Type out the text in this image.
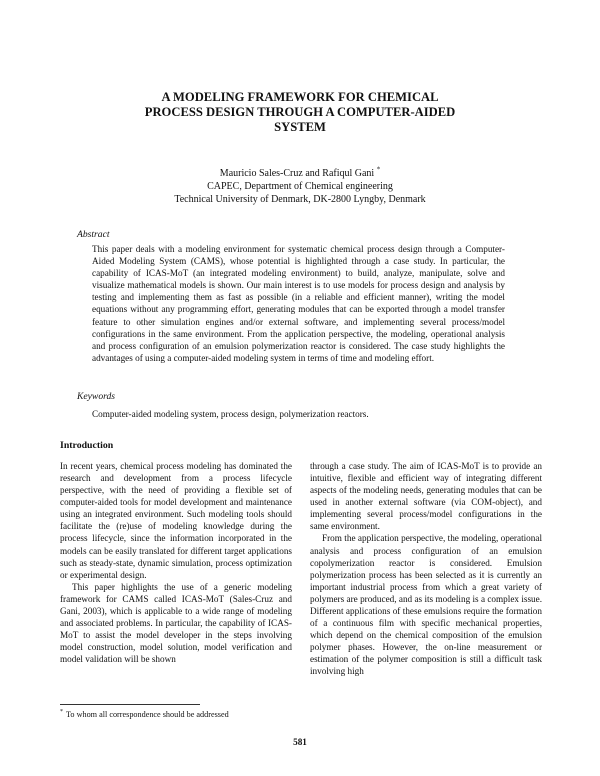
A MODELING FRAMEWORK FOR CHEMICAL
PROCESS DESIGN THROUGH A COMPUTER-AIDED
SYSTEM
Mauricio Sales-Cruz and Rafiqul Gani *
CAPEC, Department of Chemical engineering
Technical University of Denmark, DK-2800 Lyngby, Denmark
Abstract
This paper deals with a modeling environment for systematic chemical process design through a Computer-Aided Modeling System (CAMS), whose potential is highlighted through a case study. In particular, the capability of ICAS-MoT (an integrated modeling environment) to build, analyze, manipulate, solve and visualize mathematical models is shown. Our main interest is to use models for process design and analysis by testing and implementing them as fast as possible (in a reliable and efficient manner), writing the model equations without any programming effort, generating modules that can be exported through a model transfer feature to other simulation engines and/or external software, and implementing several process/model configurations in the same environment. From the application perspective, the modeling, operational analysis and process configuration of an emulsion polymerization reactor is considered. The case study highlights the advantages of using a computer-aided modeling system in terms of time and modeling effort.
Keywords
Computer-aided modeling system, process design, polymerization reactors.
Introduction

In recent years, chemical process modeling has dominated the research and development from a process lifecycle perspective, with the need of providing a flexible set of computer-aided tools for model development and maintenance using an integrated environment. Such modeling tools should facilitate the (re)use of modeling knowledge during the process lifecycle, since the information incorporated in the models can be easily translated for different target applications such as steady-state, dynamic simulation, process optimization or experimental design.

This paper highlights the use of a generic modeling framework for CAMS called ICAS-MoT (Sales-Cruz and Gani, 2003), which is applicable to a wide range of modeling and associated problems. In particular, the capability of ICAS-MoT to assist the model developer in the steps involving model construction, model solution, model verification and model validation will be shown

through a case study. The aim of ICAS-MoT is to provide an intuitive, flexible and efficient way of integrating different aspects of the modeling needs, generating modules that can be used in another external software (via COM-object), and implementing several process/model configurations in the same environment.

From the application perspective, the modeling, operational analysis and process configuration of an emulsion copolymerization reactor is considered. Emulsion polymerization process has been selected as it is currently an important industrial process from which a great variety of polymers are produced, and as its modeling is a complex issue. Different applications of these emulsions require the formation of a continuous film with specific mechanical properties, which depend on the chemical composition of the emulsion polymer phases. However, the on-line measurement or estimation of the polymer composition is still a difficult task involving high

* To whom all correspondence should be addressed
581
